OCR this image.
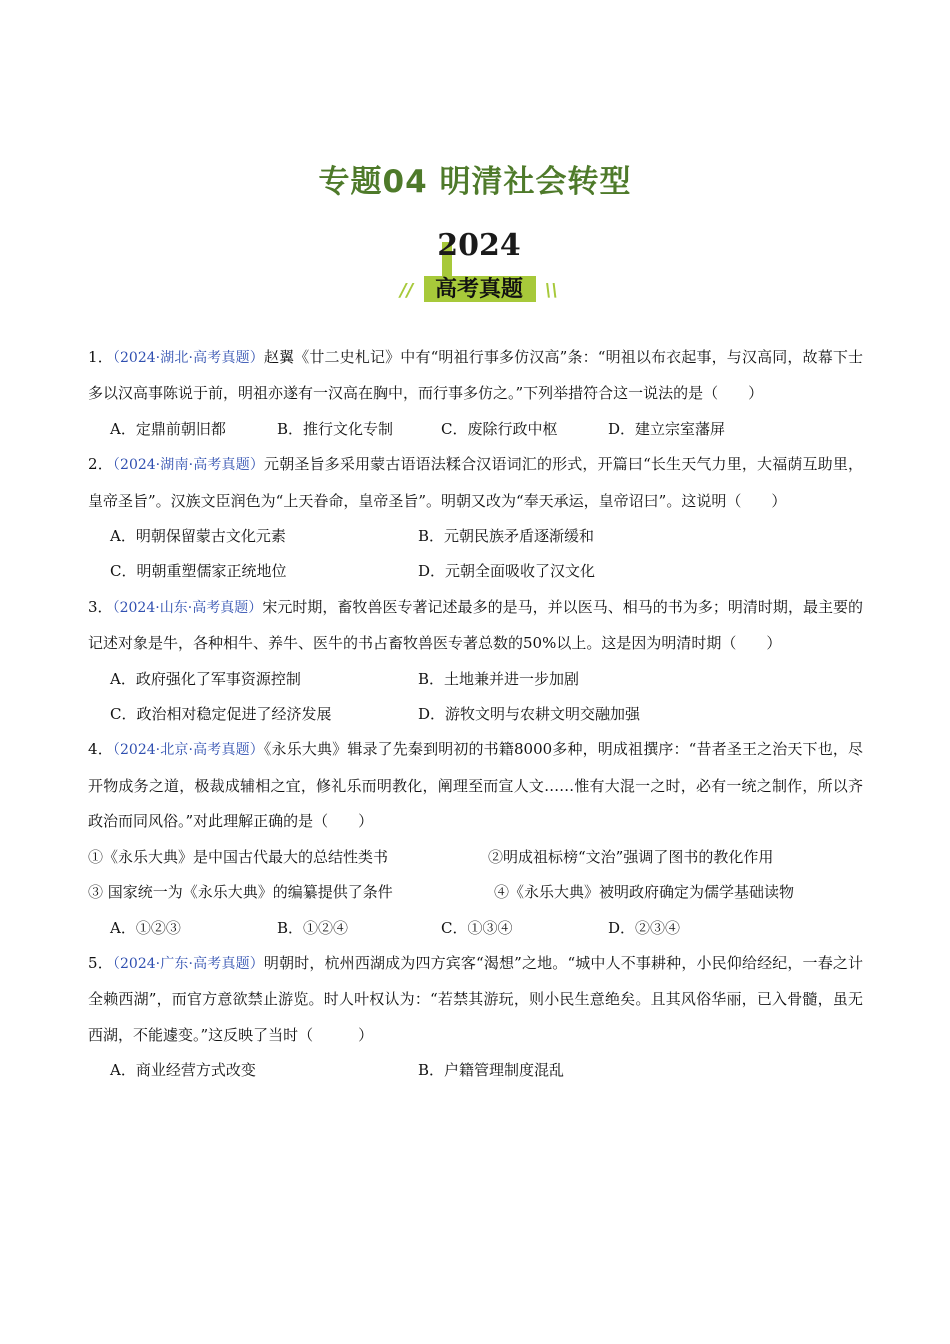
专题04 明清社会转型
2024
// 高考真题	\\

1．（2024·湖北·高考真题）赵翼《廿二史札记》中有“明祖行事多仿汉高”条：“明祖以布衣起事，与汉高同，故幕下士多以汉高事陈说于前，明祖亦遂有一汉高在胸中，而行事多仿之。”下列举措符合这一说法的是（　　）

A．定鼎前朝旧都	B．推行文化专制	C．废除行政中枢	D．建立宗室藩屏

2．（2024·湖南·高考真题）元朝圣旨多采用蒙古语语法糅合汉语词汇的形式，开篇曰“长生天气力里，大福荫互助里，皇帝圣旨”。汉族文臣润色为“上天眷命，皇帝圣旨”。明朝又改为“奉天承运，皇帝诏曰”。这说明（　　）

A．明朝保留蒙古文化元素	B．元朝民族矛盾逐渐缓和
C．明朝重塑儒家正统地位	D．元朝全面吸收了汉文化

3．（2024·山东·高考真题）宋元时期，畜牧兽医专著记述最多的是马，并以医马、相马的书为多；明清时期，最主要的记述对象是牛，各种相牛、养牛、医牛的书占畜牧兽医专著总数的50%以上。这是因为明清时期（　　）

A．政府强化了军事资源控制	B．土地兼并进一步加剧
C．政治相对稳定促进了经济发展	D．游牧文明与农耕文明交融加强

4．（2024·北京·高考真题）《永乐大典》辑录了先秦到明初的书籍8000多种，明成祖撰序：“昔者圣王之治天下也，尽开物成务之道，极裁成辅相之宜，修礼乐而明教化，阐理至而宣人文……惟有大混一之时，必有一统之制作，所以齐政治而同风俗。”对此理解正确的是（　　）

①《永乐大典》是中国古代最大的总结性类书	②明成祖标榜“文治”强调了图书的教化作用
③ 国家统一为《永乐大典》的编纂提供了条件	④《永乐大典》被明政府确定为儒学基础读物
A．①②③	B．①②④	C．①③④	D．②③④

5．（2024·广东·高考真题）明朝时，杭州西湖成为四方宾客“渴想”之地。“城中人不事耕种，小民仰给经纪，一春之计全赖西湖”，而官方意欲禁止游览。时人叶权认为：“若禁其游玩，则小民生意绝矣。且其风俗华丽，已入骨髓，虽无西湖，不能遽变。”这反映了当时（　　　）

A．商业经营方式改变	B．户籍管理制度混乱
